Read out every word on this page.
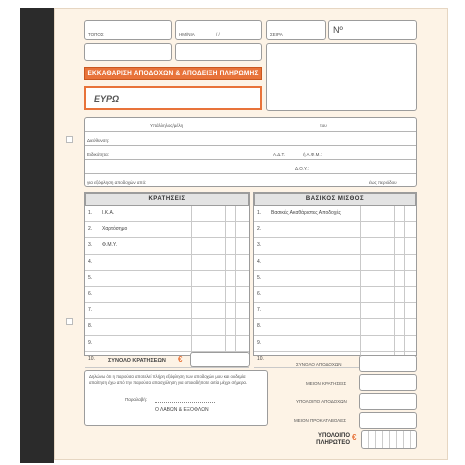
ΤΟΠΟΣ	ΗΜ/ΝΙΑ	/ /	ΣΕΙΡΑ	Nº
ΕΚΚΑΘΑΡΙΣΗ ΑΠΟΔΟΧΩΝ & ΑΠΟΔΕΙΞΗ ΠΛΗΡΩΜΗΣ
ΕΥΡΩ
Υπάλληλος/μέλη	του
Διεύθυνση:
Ειδικότητα:	Α.Δ.Τ.	ή Α.Φ.Μ.:
Δ.Ο.Υ.:
για εξόφληση αποδοχών από:	έως περιόδου
ΚΡΑΤΗΣΕΙΣ
1. Ι.Κ.Α.
2. Χαρτόσημο
3. Φ.Μ.Υ.
4.
5.
6.
7.
8.
9.
10.
ΒΑΣΙΚΟΣ ΜΙΣΘΟΣ
1. Βασικές Ακαθάριστες Αποδοχές
2.
3.
4.
5.
6.
7.
8.
9.
10.
ΣΥΝΟΛΟ ΚΡΑΤΗΣΕΩΝ €
Δηλώνω ότι η παρούσα αποτελεί πλήρη εξόφληση των αποδοχών μου και ουδεμία απαίτηση έχω από την παρούσα απασχόληση για οποιαδήποτε αιτία μέχρι σήμερα.
Παραλαβή:
Ο ΛΑΒΩΝ & ΕΞΟΦΛΩΝ
ΣΥΝΟΛΟ ΑΠΟΔΟΧΩΝ
ΜΕΙΟΝ ΚΡΑΤΗΣΕΙΣ
ΥΠΟΛΟΙΠΟ ΑΠΟΔΟΧΩΝ
ΜΕΙΟΝ ΠΡΟΚΑΤΑΒΟΛΕΣ
ΥΠΟΛΟΙΠΟ
ΠΛΗΡΩΤΕΟ
€
